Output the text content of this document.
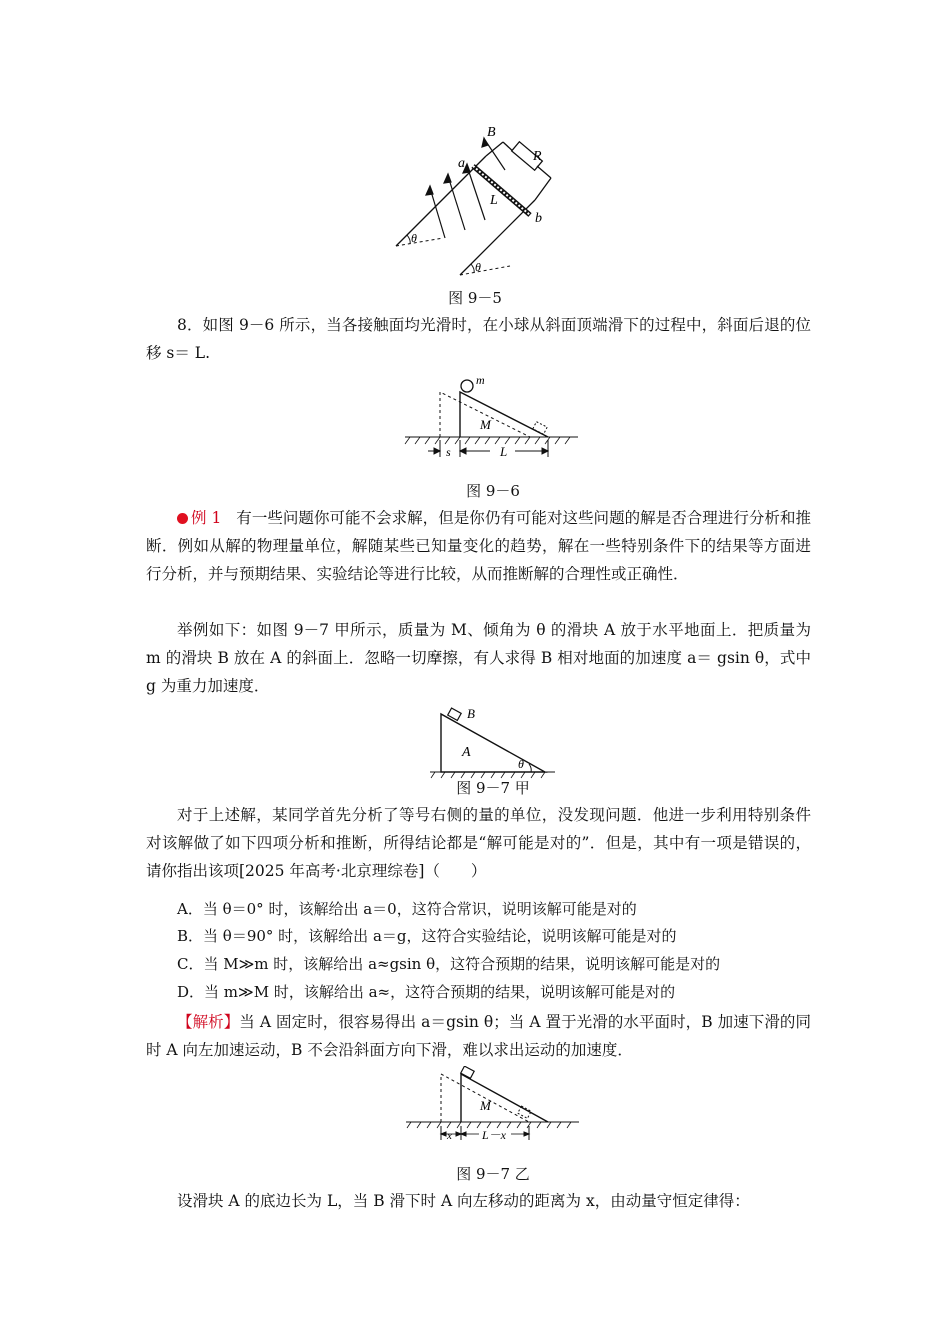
B
R
a
b
L
θ
θ
图 9－5
8．如图 9－6 所示，当各接触面均光滑时，在小球从斜面顶端滑下的过程中，斜面后退的位移 s＝ L.
m
M
s	L
图 9－6
例 1 有一些问题你可能不会求解，但是你仍有可能对这些问题的解是否合理进行分析和推断．例如从解的物理量单位，解随某些已知量变化的趋势，解在一些特别条件下的结果等方面进行分析，并与预期结果、实验结论等进行比较，从而推断解的合理性或正确性．
举例如下：如图 9－7 甲所示，质量为 M、倾角为 θ 的滑块 A 放于水平地面上．把质量为 m 的滑块 B 放在 A 的斜面上．忽略一切摩擦，有人求得 B 相对地面的加速度 a＝ gsin θ，式中 g 为重力加速度．
B
A
θ
图 9－7 甲
对于上述解，某同学首先分析了等号右侧的量的单位，没发现问题．他进一步利用特别条件对该解做了如下四项分析和推断，所得结论都是“解可能是对的”．但是，其中有一项是错误的，请你指出该项[2025 年高考·北京理综卷]（　　）
A．当 θ＝0° 时，该解给出 a＝0，这符合常识，说明该解可能是对的
B．当 θ＝90° 时，该解给出 a＝g，这符合实验结论，说明该解可能是对的
C．当 M≫m 时，该解给出 a≈gsin θ，这符合预期的结果，说明该解可能是对的
D．当 m≫M 时，该解给出 a≈，这符合预期的结果，说明该解可能是对的
【解析】当 A 固定时，很容易得出 a＝gsin θ；当 A 置于光滑的水平面时，B 加速下滑的同时 A 向左加速运动，B 不会沿斜面方向下滑，难以求出运动的加速度．
M
x	L－x
图 9－7 乙
设滑块 A 的底边长为 L，当 B 滑下时 A 向左移动的距离为 x，由动量守恒定律得：
